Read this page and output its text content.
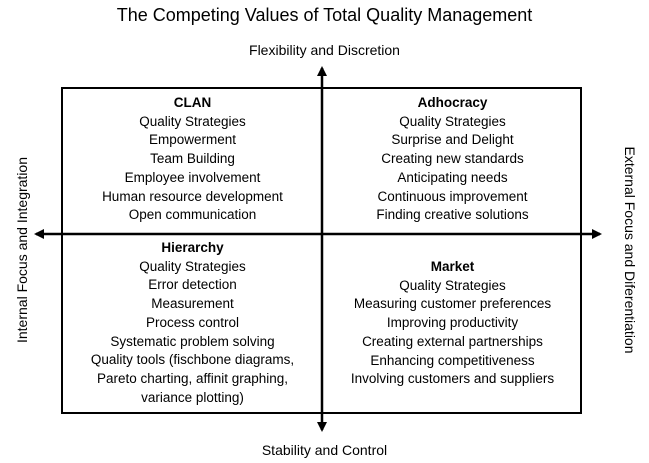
The Competing Values of Total Quality Management
Flexibility and Discretion
Stability and Control
Internal Focus and Integration	External Focus and Diferentiation
CLAN
Quality Strategies
Empowerment
Team Building
Employee involvement
Human resource development
Open communication
Adhocracy
Quality Strategies
Surprise and Delight
Creating new standards
Anticipating needs
Continuous improvement
Finding creative solutions
Hierarchy
Quality Strategies
Error detection
Measurement
Process control
Systematic problem solving
Quality tools (fischbone diagrams,
Pareto charting, affinit graphing,
variance plotting)
Market
Quality Strategies
Measuring customer preferences
Improving productivity
Creating external partnerships
Enhancing competitiveness
Involving customers and suppliers
